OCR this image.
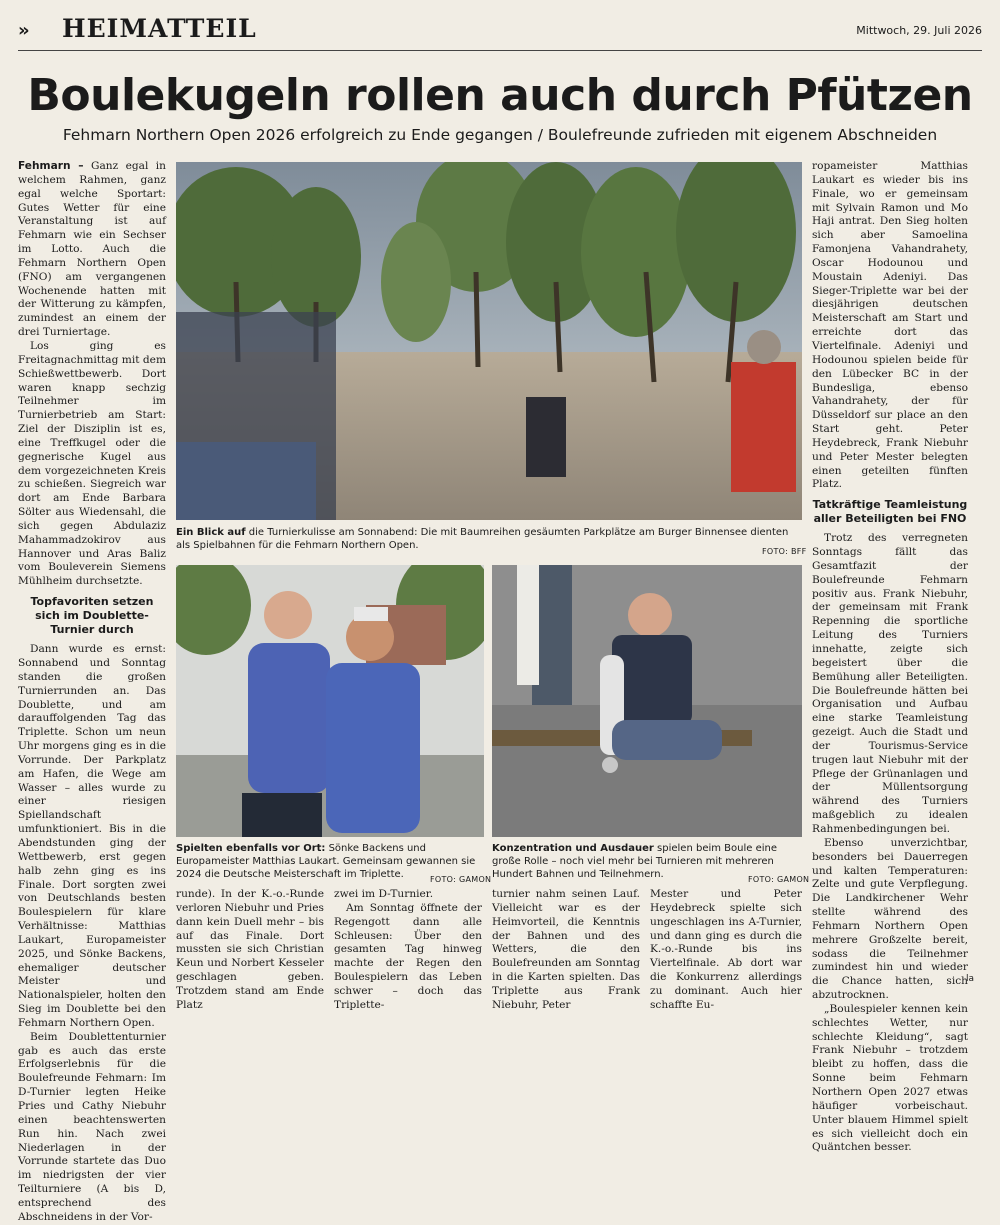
» HEIMATTEIL	Mittwoch, 29. Juli 2026
Boulekugeln rollen auch durch Pfützen
Fehmarn Northern Open 2026 erfolgreich zu Ende gegangen / Boulefreunde zufrieden mit eigenem Abschneiden

Fehmarn – Ganz egal in welchem Rahmen, ganz egal welche Sportart: Gutes Wetter für eine Veranstaltung ist auf Fehmarn wie ein Sechser im Lotto. Auch die Fehmarn Northern Open (FNO) am vergangenen Wochenende hatten mit der Witterung zu kämpfen, zumindest an einem der drei Turniertage.

Los ging es Freitagnachmittag mit dem Schießwettbewerb. Dort waren knapp sechzig Teilnehmer im Turnierbetrieb am Start: Ziel der Disziplin ist es, eine Treffkugel oder die gegnerische Kugel aus dem vorgezeichneten Kreis zu schießen. Siegreich war dort am Ende Barbara Sölter aus Wiedensahl, die sich gegen Abdulaziz Mahammadzokirov aus Hannover und Aras Baliz vom Bouleverein Siemens Mühlheim durchsetzte.

Topfavoriten setzen sich im Doublette-Turnier durch

Dann wurde es ernst: Sonnabend und Sonntag standen die großen Turnierrunden an. Das Doublette, und am darauffolgenden Tag das Triplette. Schon um neun Uhr morgens ging es in die Vorrunde. Der Parkplatz am Hafen, die Wege am Wasser – alles wurde zu einer riesigen Spiellandschaft umfunktioniert. Bis in die Abendstunden ging der Wettbewerb, erst gegen halb zehn ging es ins Finale. Dort sorgten zwei von Deutschlands besten Boulespielern für klare Verhältnisse: Matthias Laukart, Europameister 2025, und Sönke Backens, ehemaliger deutscher Meister und Nationalspieler, holten den Sieg im Doublette bei den Fehmarn Northern Open.

Beim Doublettenturnier gab es auch das erste Erfolgserlebnis für die Boulefreunde Fehmarn: Im D-Turnier legten Heike Pries und Cathy Niebuhr einen beachtenswerten Run hin. Nach zwei Niederlagen in der Vorrunde startete das Duo im niedrigsten der vier Teilturniere (A bis D, entsprechend des Abschneidens in der Vor-

Ein Blick auf die Turnierkulisse am Sonnabend: Die mit Baumreihen gesäumten Parkplätze am Burger Binnensee dienten als Spielbahnen für die Fehmarn Northern Open.
FOTO: BFF
Spielten ebenfalls vor Ort: Sönke Backens und Europameister Matthias Laukart. Gemeinsam gewannen sie 2024 die Deutsche Meisterschaft im Triplette.	FOTO: GAMON
Konzentration und Ausdauer spielen beim Boule eine große Rolle – noch viel mehr bei Turnieren mit mehreren Hundert Bahnen und Teilnehmern.	FOTO: GAMON

runde). In der K.-o.-Runde verloren Niebuhr und Pries dann kein Duell mehr – bis auf das Finale. Dort mussten sie sich Christian Keun und Norbert Kesseler geschlagen geben. Trotzdem stand am Ende Platz

zwei im D-Turnier.

Am Sonntag öffnete der Regengott dann alle Schleusen: Über den gesamten Tag hinweg machte der Regen den Boulespielern das Leben schwer – doch das Triplette-

turnier nahm seinen Lauf. Vielleicht war es der Heimvorteil, die Kenntnis der Bahnen und des Wetters, die den Boulefreunden am Sonntag in die Karten spielten. Das Triplette aus Frank Niebuhr, Peter

Mester und Peter Heydebreck spielte sich ungeschlagen ins A-Turnier, und dann ging es durch die K.-o.-Runde bis ins Viertelfinale. Ab dort war die Konkurrenz allerdings zu dominant. Auch hier schaffte Eu-

ropameister Matthias Laukart es wieder bis ins Finale, wo er gemeinsam mit Sylvain Ramon und Mo Haji antrat. Den Sieg holten sich aber Samoelina Famonjena Vahandrahety, Oscar Hodounou und Moustain Adeniyi. Das Sieger-Triplette war bei der diesjährigen deutschen Meisterschaft am Start und erreichte dort das Viertelfinale. Adeniyi und Hodounou spielen beide für den Lübecker BC in der Bundesliga, ebenso Vahandrahety, der für Düsseldorf sur place an den Start geht. Peter Heydebreck, Frank Niebuhr und Peter Mester belegten einen geteilten fünften Platz.

Tatkräftige Teamleistung aller Beteiligten bei FNO

Trotz des verregneten Sonntags fällt das Gesamtfazit der Boulefreunde Fehmarn positiv aus. Frank Niebuhr, der gemeinsam mit Frank Repenning die sportliche Leitung des Turniers innehatte, zeigte sich begeistert über die Bemühung aller Beteiligten. Die Boulefreunde hätten bei Organisation und Aufbau eine starke Teamleistung gezeigt. Auch die Stadt und der Tourismus-Service trugen laut Niebuhr mit der Pflege der Grünanlagen und der Müllentsorgung während des Turniers maßgeblich zu idealen Rahmenbedingungen bei.

Ebenso unverzichtbar, besonders bei Dauerregen und kalten Temperaturen: Zelte und gute Verpflegung. Die Landkirchener Wehr stellte während des Fehmarn Northern Open mehrere Großzelte bereit, sodass die Teilnehmer zumindest hin und wieder die Chance hatten, sich abzutrocknen.

„Boulespieler kennen kein schlechtes Wetter, nur schlechte Kleidung“, sagt Frank Niebuhr – trotzdem bleibt zu hoffen, dass die Sonne beim Fehmarn Northern Open 2027 etwas häufiger vorbeischaut. Unter blauem Himmel spielt es sich vielleicht doch ein Quäntchen besser.

la
